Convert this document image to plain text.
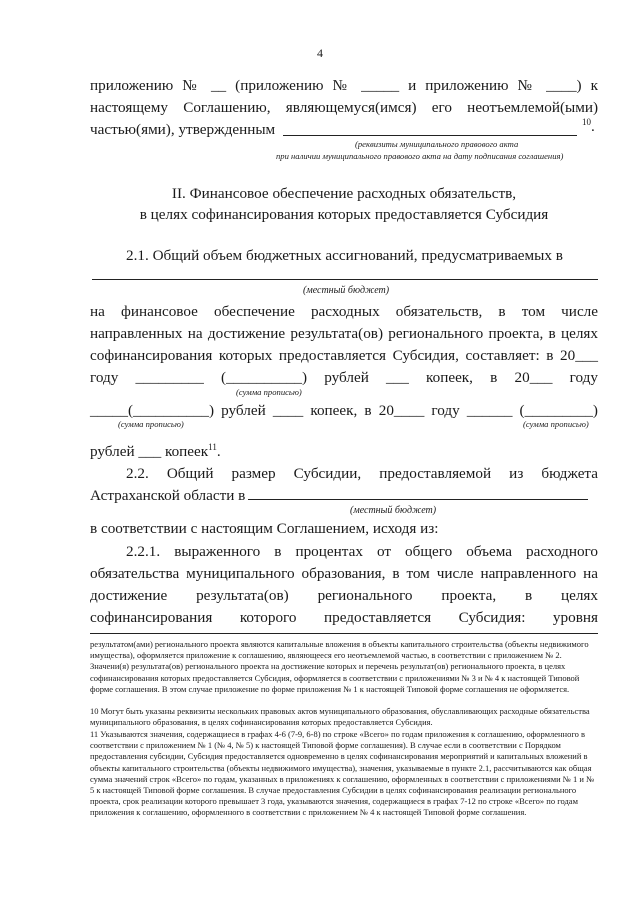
4
приложению № __ (приложению № _____ и приложению № ____) к
настоящему Соглашению, являющемуся(имся) его неотъемлемой(ыми)
частью(ями), утвержденным	$^{10}$.
(реквизиты муниципального правового акта
при наличии муниципального правового акта на дату подписания соглашения)
II. Финансовое обеспечение расходных обязательств,
в целях софинансирования которых предоставляется Субсидия
2.1. Общий объем бюджетных ассигнований, предусматриваемых в
(местный бюджет)
на финансовое обеспечение расходных обязательств, в том числе
направленных на достижение результата(ов) регионального проекта, в целях
софинансирования которых предоставляется Субсидия, составляет: в 20___
году _________ (__________) рублей ___ копеек, в 20___ году
(сумма прописью)
_____(__________) рублей ____ копеек, в 20____ году ______ (_________)
(сумма прописью)	(сумма прописью)
рублей ___ копеек$^{11}$.
2.2. Общий размер Субсидии, предоставляемой из бюджета
Астраханской области в
(местный бюджет)
в соответствии с настоящим Соглашением, исходя из:
2.2.1. выраженного в процентах от общего объема расходного
обязательства муниципального образования, в том числе направленного на
достижение результата(ов) регионального проекта, в целях
софинансирования которого предоставляется Субсидия: уровня
результатом(ами) регионального проекта являются капитальные вложения в объекты капитального строительства (объекты недвижимого имущества), оформляется приложение к соглашению, являющееся его неотъемлемой частью, в соответствии с приложением № 2. Значени(я) результата(ов) регионального проекта на достижение которых и перечень результат(ов) регионального проекта, в целях софинансирования которых предоставляется Субсидия, оформляется в соответствии с приложениями № 3 и № 4 к настоящей Типовой форме соглашения. В этом случае приложение по форме приложения № 1 к настоящей Типовой форме соглашения не оформляется.
10 Могут быть указаны реквизиты нескольких правовых актов муниципального образования, обуславливающих расходные обязательства муниципального образования, в целях софинансирования которых предоставляется Субсидия.
11 Указываются значения, содержащиеся в графах 4-6 (7-9, 6-8) по строке «Всего» по годам приложения к соглашению, оформленного в соответствии с приложением № 1 (№ 4, № 5) к настоящей Типовой форме соглашения). В случае если в соответствии с Порядком предоставления субсидии, Субсидия предоставляется одновременно в целях софинансирования мероприятий и капитальных вложений в объекты капитального строительства (объекты недвижимого имущества), значения, указываемые в пункте 2.1, рассчитываются как общая сумма значений строк «Всего» по годам, указанных в приложениях к соглашению, оформленных в соответствии с приложениями № 1 и № 5 к настоящей Типовой форме соглашения. В случае предоставления Субсидии в целях софинансирования реализации регионального проекта, срок реализации которого превышает 3 года, указываются значения, содержащиеся в графах 7-12 по строке «Всего» по годам приложения к соглашению, оформленного в соответствии с приложением № 4 к настоящей Типовой форме соглашения.
